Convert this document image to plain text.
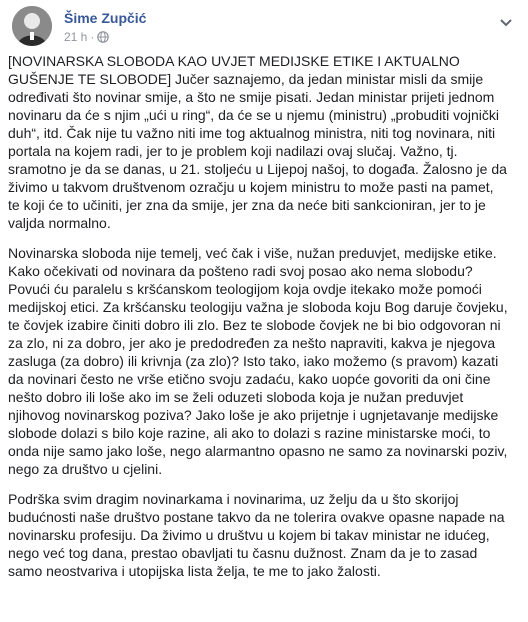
Šime Zupčić
21 h ·

[NOVINARSKA SLOBODA KAO UVJET MEDIJSKE ETIKE I AKTUALNO GUŠENJE TE SLOBODE] Jučer saznajemo, da jedan ministar misli da smije određivati što novinar smije, a što ne smije pisati. Jedan ministar prijeti jednom novinaru da će s njim „ući u ring“, da će se u njemu (ministru) „probuditi vojnički duh“, itd. Čak nije tu važno niti ime tog aktualnog ministra, niti tog novinara, niti portala na kojem radi, jer to je problem koji nadilazi ovaj slučaj. Važno, tj. sramotno je da se danas, u 21. stoljeću u Lijepoj našoj, to događa. Žalosno je da živimo u takvom društvenom ozračju u kojem ministru to može pasti na pamet, te koji će to učiniti, jer zna da smije, jer zna da neće biti sankcioniran, jer to je valjda normalno.

Novinarska sloboda nije temelj, već čak i više, nužan preduvjet, medijske etike. Kako očekivati od novinara da pošteno radi svoj posao ako nema slobodu? Povući ću paralelu s kršćanskom teologijom koja ovdje itekako može pomoći medijskoj etici. Za kršćansku teologiju važna je sloboda koju Bog daruje čovjeku, te čovjek izabire činiti dobro ili zlo. Bez te slobode čovjek ne bi bio odgovoran ni za zlo, ni za dobro, jer ako je predodređen za nešto napraviti, kakva je njegova zasluga (za dobro) ili krivnja (za zlo)? Isto tako, iako možemo (s pravom) kazati da novinari često ne vrše etično svoju zadaću, kako uopće govoriti da oni čine nešto dobro ili loše ako im se želi oduzeti sloboda koja je nužan preduvjet njihovog novinarskog poziva? Jako loše je ako prijetnje i ugnjetavanje medijske slobode dolazi s bilo koje razine, ali ako to dolazi s razine ministarske moći, to onda nije samo jako loše, nego alarmantno opasno ne samo za novinarski poziv, nego za društvo u cjelini.

Podrška svim dragim novinarkama i novinarima, uz želju da u što skorijoj budućnosti naše društvo postane takvo da ne tolerira ovakve opasne napade na novinarsku profesiju. Da živimo u društvu u kojem bi takav ministar ne idućeg, nego već tog dana, prestao obavljati tu časnu dužnost. Znam da je to zasad samo neostvariva i utopijska lista želja, te me to jako žalosti.
